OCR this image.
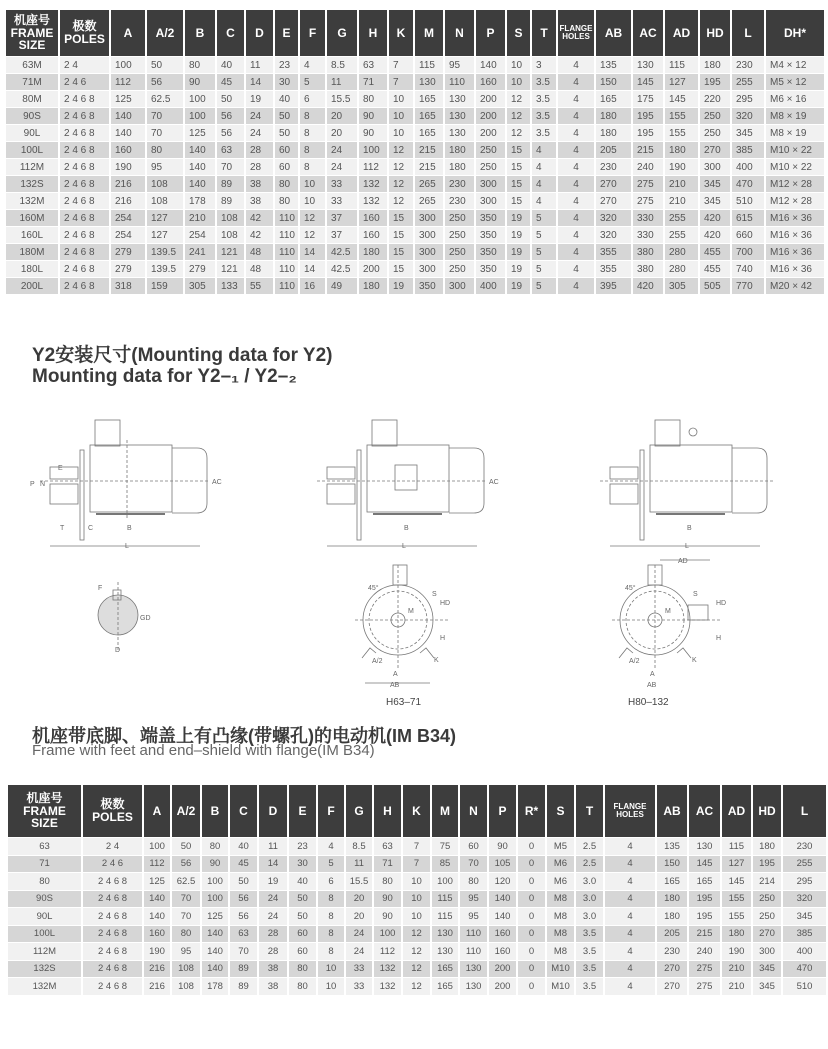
机座号
FRAME
SIZE	极数
POLES	A	A/2	B	C	D	E	F	G	H	K	M	N	P	S	T	FLANGE
HOLES	AB	AC	AD	HD	L	DH*
63M	2 4	100	50	80	40	11	23	4	8.5	63	7	115	95	140	10	3	4	135	130	115	180	230	M4 × 12
71M	2 4 6	112	56	90	45	14	30	5	11	71	7	130	110	160	10	3.5	4	150	145	127	195	255	M5 × 12
80M	2 4 6 8	125	62.5	100	50	19	40	6	15.5	80	10	165	130	200	12	3.5	4	165	175	145	220	295	M6 × 16
90S	2 4 6 8	140	70	100	56	24	50	8	20	90	10	165	130	200	12	3.5	4	180	195	155	250	320	M8 × 19
90L	2 4 6 8	140	70	125	56	24	50	8	20	90	10	165	130	200	12	3.5	4	180	195	155	250	345	M8 × 19
100L	2 4 6 8	160	80	140	63	28	60	8	24	100	12	215	180	250	15	4	4	205	215	180	270	385	M10 × 22
112M	2 4 6 8	190	95	140	70	28	60	8	24	112	12	215	180	250	15	4	4	230	240	190	300	400	M10 × 22
132S	2 4 6 8	216	108	140	89	38	80	10	33	132	12	265	230	300	15	4	4	270	275	210	345	470	M12 × 28
132M	2 4 6 8	216	108	178	89	38	80	10	33	132	12	265	230	300	15	4	4	270	275	210	345	510	M12 × 28
160M	2 4 6 8	254	127	210	108	42	110	12	37	160	15	300	250	350	19	5	4	320	330	255	420	615	M16 × 36
160L	2 4 6 8	254	127	254	108	42	110	12	37	160	15	300	250	350	19	5	4	320	330	255	420	660	M16 × 36
180M	2 4 6 8	279	139.5	241	121	48	110	14	42.5	180	15	300	250	350	19	5	4	355	380	280	455	700	M16 × 36
180L	2 4 6 8	279	139.5	279	121	48	110	14	42.5	200	15	300	250	350	19	5	4	355	380	280	455	740	M16 × 36
200L	2 4 6 8	318	159	305	133	55	110	16	49	180	19	350	300	400	19	5	4	395	420	305	505	770	M20 × 42
Y2安装尺寸(Mounting data for Y2)
Mounting data for Y2–₁ / Y2–₂
E
P N	AC
T	C	B
L
B
L
AC
B
L
F
D
GD
45°
M
S
HD
H
K
A/2
A
AB
AD
45°
M
S
HD
H
K
A/2
A
AB
H63–71	H80–132
机座带底脚、端盖上有凸缘(带螺孔)的电动机(IM B34)
Frame with feet and end–shield with flange(IM B34)
机座号
FRAME
SIZE	极数
POLES	A	A/2	B	C	D	E	F	G	H	K	M	N	P	R*	S	T	FLANGE
HOLES	AB	AC	AD	HD	L
63	2 4	100	50	80	40	11	23	4	8.5	63	7	75	60	90	0	M5	2.5	4	135	130	115	180	230
71	2 4 6	112	56	90	45	14	30	5	11	71	7	85	70	105	0	M6	2.5	4	150	145	127	195	255
80	2 4 6 8	125	62.5	100	50	19	40	6	15.5	80	10	100	80	120	0	M6	3.0	4	165	165	145	214	295
90S	2 4 6 8	140	70	100	56	24	50	8	20	90	10	115	95	140	0	M8	3.0	4	180	195	155	250	320
90L	2 4 6 8	140	70	125	56	24	50	8	20	90	10	115	95	140	0	M8	3.0	4	180	195	155	250	345
100L	2 4 6 8	160	80	140	63	28	60	8	24	100	12	130	110	160	0	M8	3.5	4	205	215	180	270	385
112M	2 4 6 8	190	95	140	70	28	60	8	24	112	12	130	110	160	0	M8	3.5	4	230	240	190	300	400
132S	2 4 6 8	216	108	140	89	38	80	10	33	132	12	165	130	200	0	M10	3.5	4	270	275	210	345	470
132M	2 4 6 8	216	108	178	89	38	80	10	33	132	12	165	130	200	0	M10	3.5	4	270	275	210	345	510
